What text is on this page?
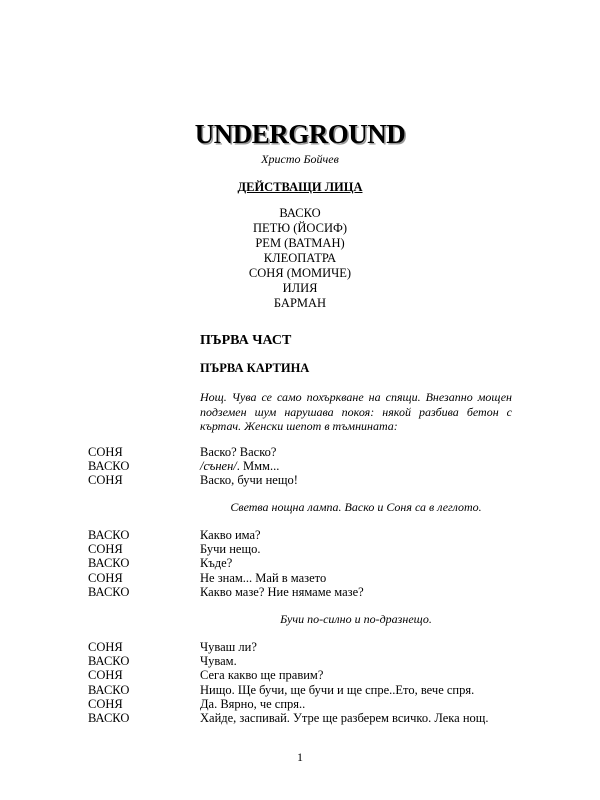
UNDERGROUND
Христо Бойчев
ДЕЙСТВАЩИ ЛИЦА
ВАСКО
ПЕТЮ (ЙОСИФ)
РЕМ (ВАТМАН)
КЛЕОПАТРА
СОНЯ (МОМИЧЕ)
ИЛИЯ
БАРМАН
ПЪРВА ЧАСТ
ПЪРВА КАРТИНА
Нощ. Чува се само похъркване на спящи. Внезапно мощен подземен шум нарушава покоя: някой разбива бетон с къртач. Женски шепот в тъмнината:
СОНЯ	Васко? Васко?
ВАСКО	/сънен/. Ммм...
СОНЯ	Васко, бучи нещо!
Светва нощна лампа. Васко и Соня са в леглото.
ВАСКО	Какво има?
СОНЯ	Бучи нещо.
ВАСКО	Къде?
СОНЯ	Не знам... Май в мазето
ВАСКО	Какво мазе? Ние нямаме мазе?
Бучи по-силно и по-дразнещо.
СОНЯ	Чуваш ли?
ВАСКО	Чувам.
СОНЯ	Сега какво ще правим?
ВАСКО	Нищо. Ще бучи, ще бучи и ще спре..Ето, вече спря.
СОНЯ	Да. Вярно, че спря..
ВАСКО	Хайде, заспивай. Утре ще разберем всичко. Лека нощ.
1
